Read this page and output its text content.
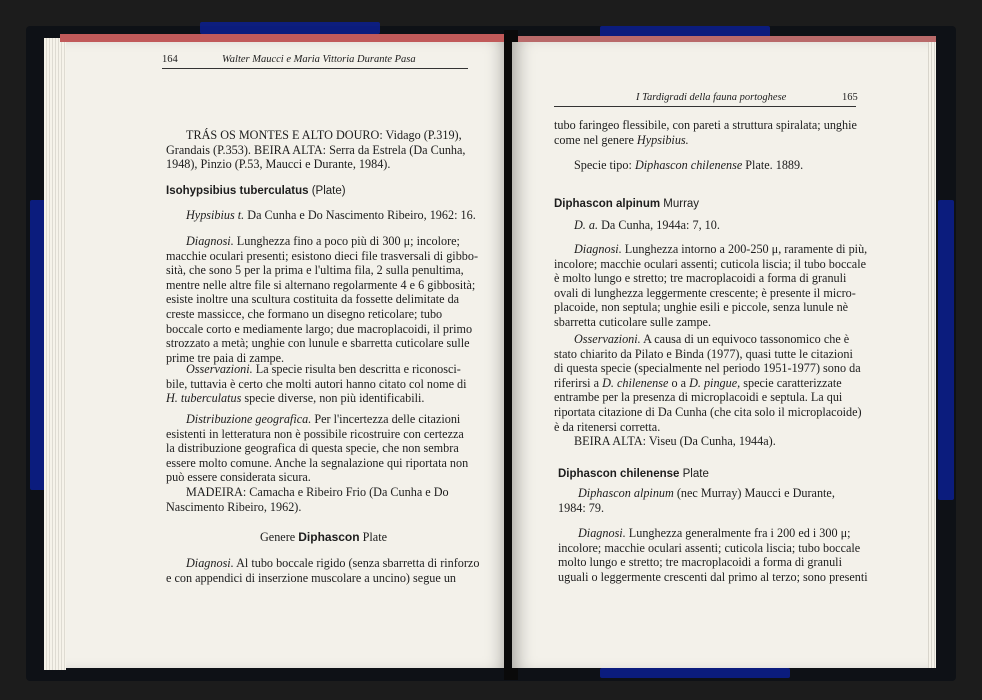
164	Walter Maucci e Maria Vittoria Durante Pasa
TRÁS OS MONTES E ALTO DOURO: Vidago (P.319),
Grandais (P.353). BEIRA ALTA: Serra da Estrela (Da Cunha,
1948), Pinzio (P.53, Maucci e Durante, 1984).
Isohypsibius tuberculatus (Plate)
Hypsibius t. Da Cunha e Do Nascimento Ribeiro, 1962: 16.
Diagnosi. Lunghezza fino a poco più di 300 μ; incolore;
macchie oculari presenti; esistono dieci file trasversali di gibbo-
sità, che sono 5 per la prima e l'ultima fila, 2 sulla penultima,
mentre nelle altre file si alternano regolarmente 4 e 6 gibbosità;
esiste inoltre una scultura costituita da fossette delimitate da
creste massicce, che formano un disegno reticolare; tubo
boccale corto e mediamente largo; due macroplacoidi, il primo
strozzato a metà; unghie con lunule e sbarretta cuticolare sulle
prime tre paia di zampe.
Osservazioni. La specie risulta ben descritta e riconosci-
bile, tuttavia è certo che molti autori hanno citato col nome di
H. tuberculatus specie diverse, non più identificabili.
Distribuzione geografica. Per l'incertezza delle citazioni
esistenti in letteratura non è possibile ricostruire con certezza
la distribuzione geografica di questa specie, che non sembra
essere molto comune. Anche la segnalazione qui riportata non
può essere considerata sicura.
MADEIRA: Camacha e Ribeiro Frio (Da Cunha e Do
Nascimento Ribeiro, 1962).
Genere Diphascon Plate
Diagnosi. Al tubo boccale rigido (senza sbarretta di rinforzo
e con appendici di inserzione muscolare a uncino) segue un
I Tardigradi della fauna portoghese	165
tubo faringeo flessibile, con pareti a struttura spiralata; unghie
come nel genere Hypsibius.
Specie tipo: Diphascon chilenense Plate. 1889.
Diphascon alpinum Murray
D. a. Da Cunha, 1944a: 7, 10.
Diagnosi. Lunghezza intorno a 200-250 μ, raramente di più,
incolore; macchie oculari assenti; cuticola liscia; il tubo boccale
è molto lungo e stretto; tre macroplacoidi a forma di granuli
ovali di lunghezza leggermente crescente; è presente il micro-
placoide, non septula; unghie esili e piccole, senza lunule nè
sbarretta cuticolare sulle zampe.
Osservazioni. A causa di un equivoco tassonomico che è
stato chiarito da Pilato e Binda (1977), quasi tutte le citazioni
di questa specie (specialmente nel periodo 1951-1977) sono da
riferirsi a D. chilenense o a D. pingue, specie caratterizzate
entrambe per la presenza di microplacoidi e septula. La qui
riportata citazione di Da Cunha (che cita solo il microplacoide)
è da ritenersi corretta.
BEIRA ALTA: Viseu (Da Cunha, 1944a).
Diphascon chilenense Plate
Diphascon alpinum (nec Murray) Maucci e Durante,
1984: 79.
Diagnosi. Lunghezza generalmente fra i 200 ed i 300 μ;
incolore; macchie oculari assenti; cuticola liscia; tubo boccale
molto lungo e stretto; tre macroplacoidi a forma di granuli
uguali o leggermente crescenti dal primo al terzo; sono presenti
